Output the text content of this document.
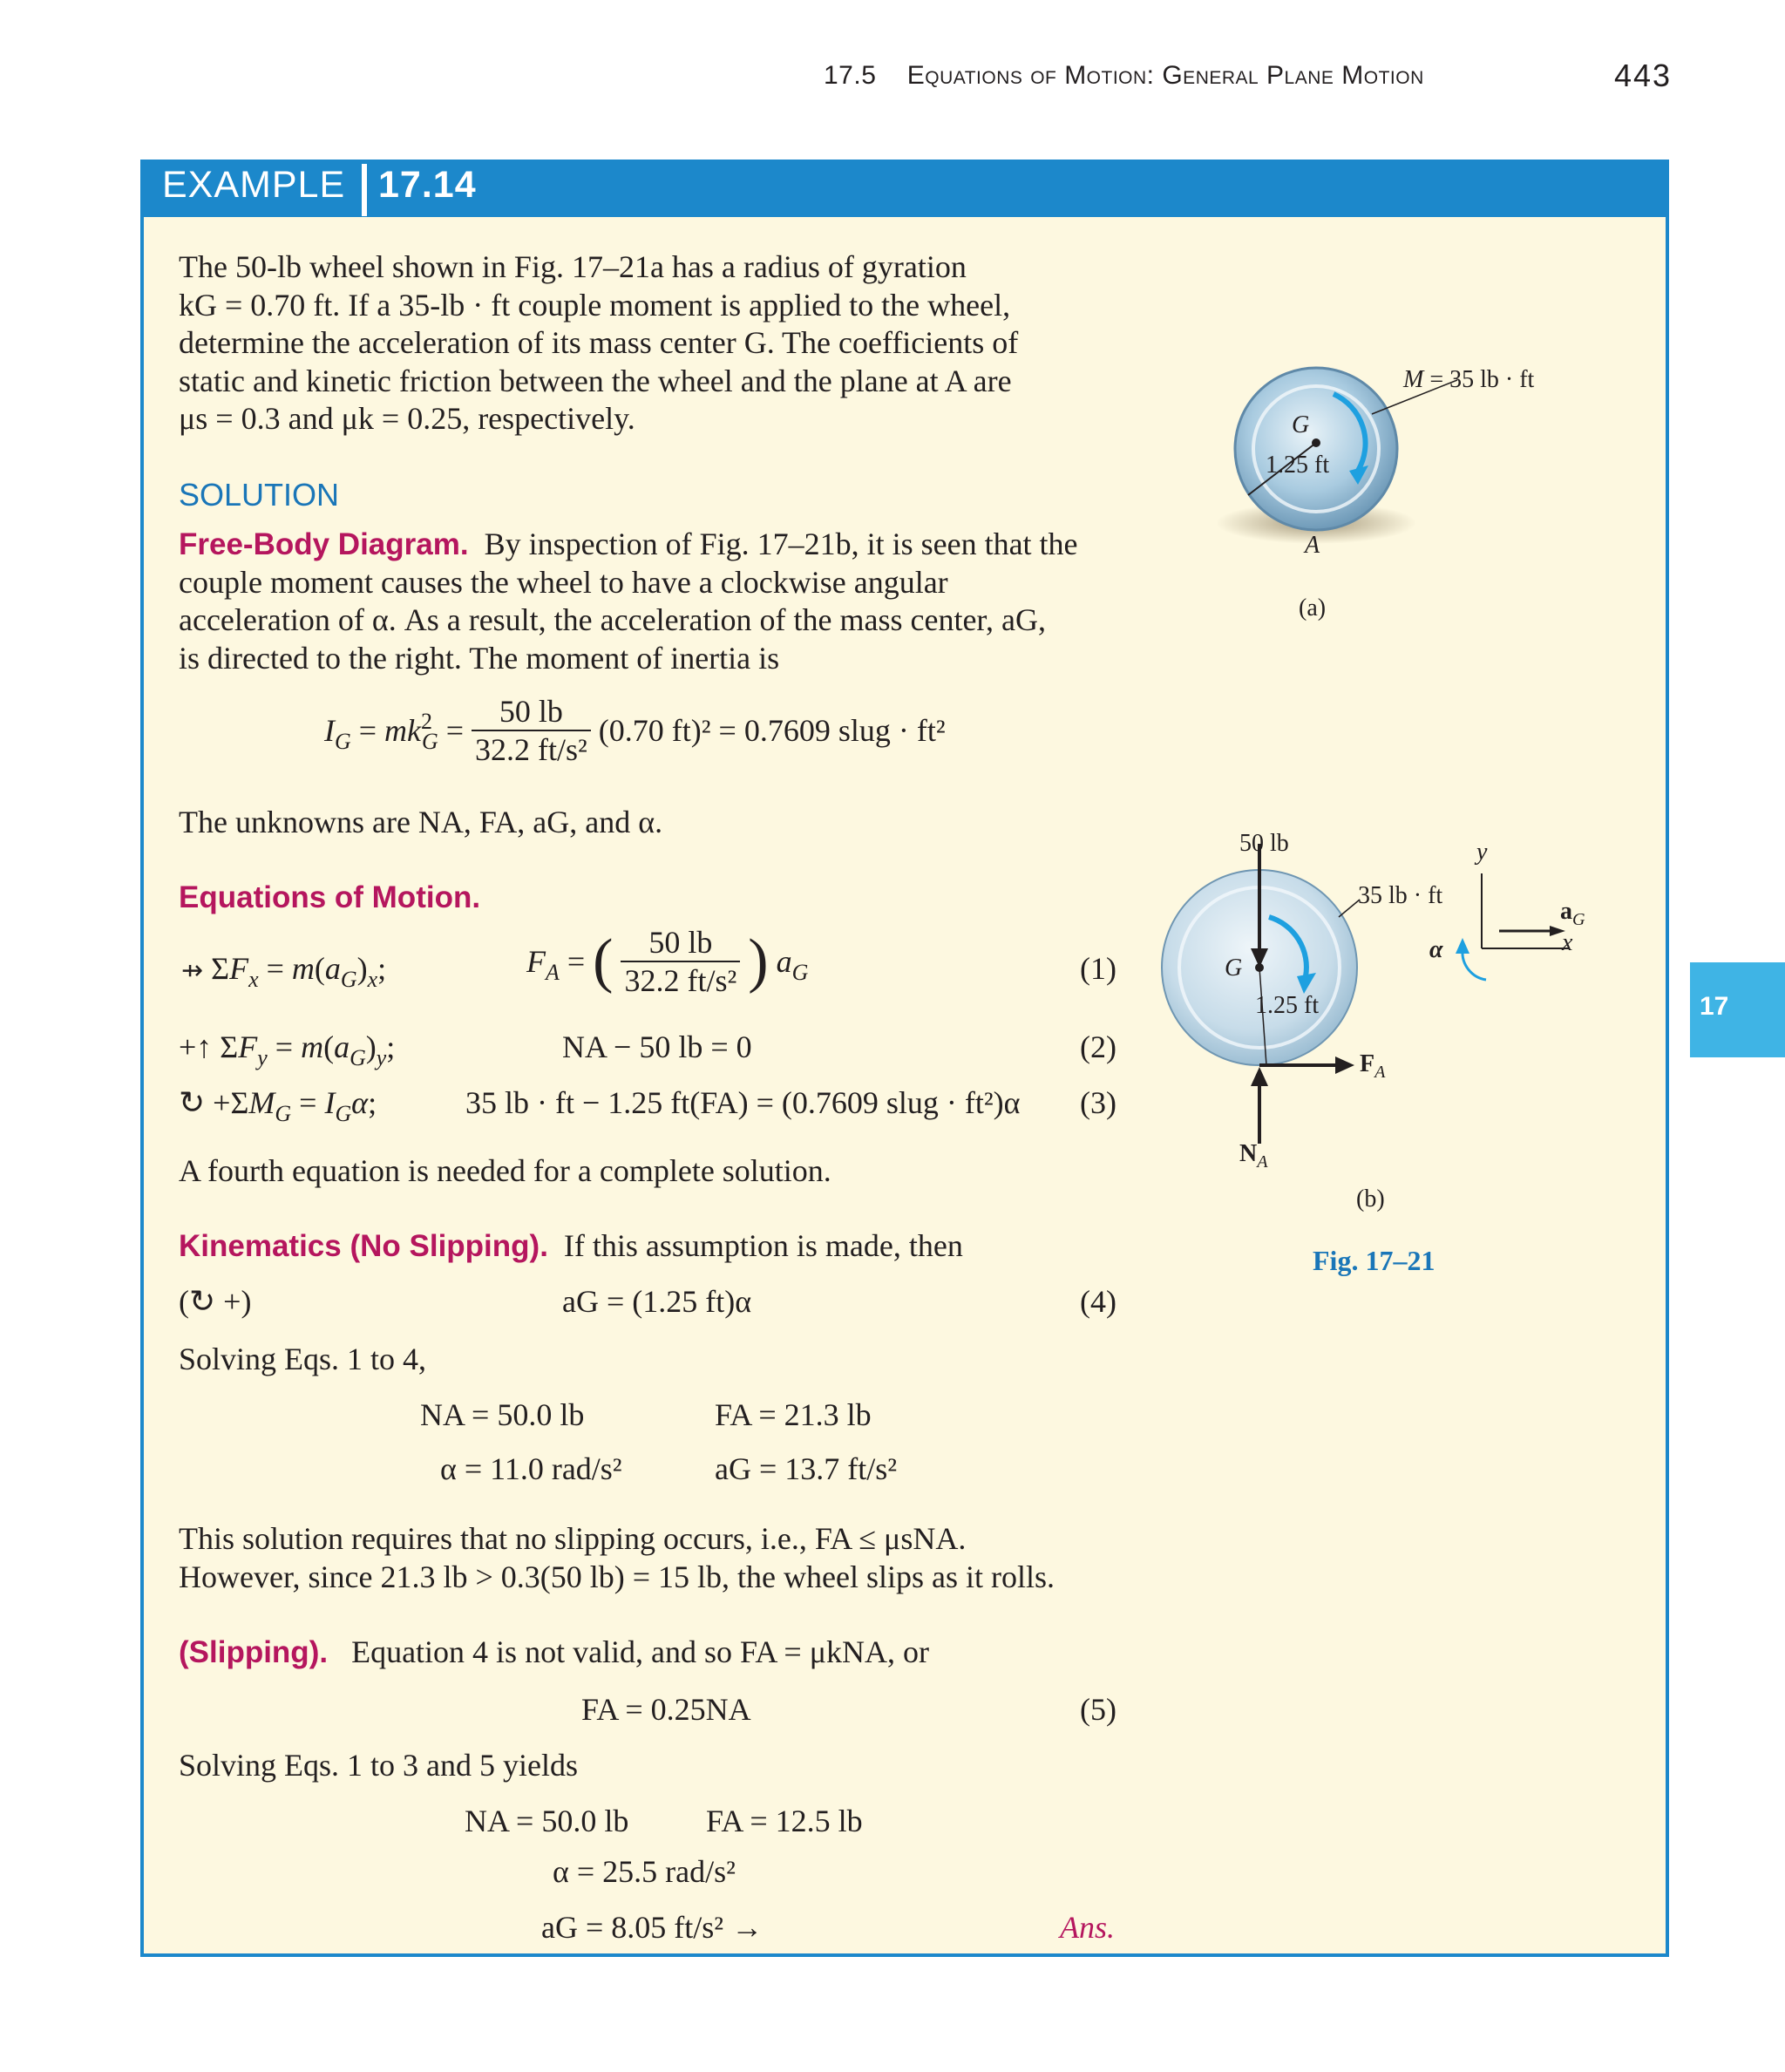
17.5 Equations of Motion: General Plane Motion	443
EXAMPLE 17.14
17
The 50-lb wheel shown in Fig. 17–21a has a radius of gyration
kG = 0.70 ft. If a 35-lb · ft couple moment is applied to the wheel,
determine the acceleration of its mass center G. The coefficients of
static and kinetic friction between the wheel and the plane at A are
μs = 0.3 and μk = 0.25, respectively.
SOLUTION
Free-Body Diagram. By inspection of Fig. 17–21b, it is seen that the
couple moment causes the wheel to have a clockwise angular
acceleration of α. As a result, the acceleration of the mass center, aG,
is directed to the right. The moment of inertia is
$I_G = mk^2_G = \frac{50 lb}{\text{32.2 ft/s²}} (0.70$ ft)² = 0.7609 slug · ft²
The unknowns are NA, FA, aG, and α.
Equations of Motion.
⇸ $\Sigma F_x = m(a_G)_x$;	$F_A$ = ( $\frac{50 lb}{\text{32.2 ft/s²}}$ ) $a_G$	(1)
+↑ $\Sigma F_y = m(a_G)_y$;	NA − 50 lb = 0	(2)
↻ $+\Sigma M_G = I_G\alpha$;	35 lb · ft − 1.25 ft(FA) = (0.7609 slug · ft²)α (3)
A fourth equation is needed for a complete solution.
Kinematics (No Slipping). If this assumption is made, then
(↻ +)	aG = (1.25 ft)α	(4)
Solving Eqs. 1 to 4,
NA = 50.0 lb	FA = 21.3 lb
α = 11.0 rad/s²	aG = 13.7 ft/s²
This solution requires that no slipping occurs, i.e., FA ≤ μsNA.
However, since 21.3 lb > 0.3(50 lb) = 15 lb, the wheel slips as it rolls.
(Slipping). Equation 4 is not valid, and so FA = μkNA, or
FA = 0.25NA	(5)
Solving Eqs. 1 to 3 and 5 yields
NA = 50.0 lb FA = 12.5 lb
α = 25.5 rad/s²
aG = 8.05 ft/s² →	Ans.
M = 35 lb · ft
G
1.25 ft
A
(a)
50 lb
35 lb · ft
G
1.25 ft
$F_A$
$N_A$
y
x
$a_G$
α
(b)
Fig. 17–21
